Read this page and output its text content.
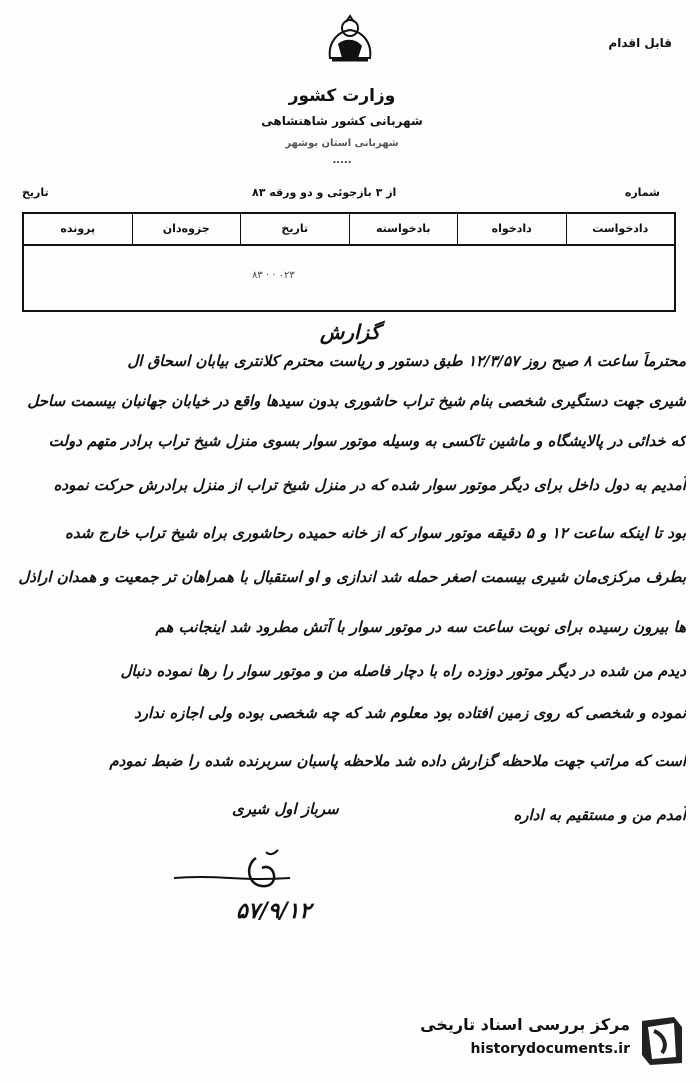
قابل اقدام
وزارت کشور
شهربانی کشور شاهنشاهی
شهربانی استان بوشهر
.....
شماره
از ۳ بازجوئی و دو ورقه ۸۳
تاریخ
دادخواست
دادخواه
بادخواسته
تاریخ
جزوه‌دان
پرونده
۸۳ · · ۰۲۳
گزارش
محترماً ساعت ۸ صبح روز ۱۲/۳/۵۷ طبق دستور و ریاست محترم کلانتری بیابان اسحاق ال
شیری جهت دستگیری شخصی بنام شیخ تراب حاشوری بدون سیدها واقع در خیابان جهانبان بیسمت ساحل
که خدائی در پالایشگاه و ماشین تاکسی به‌ وسیله موتور سوار بسوی منزل شیخ تراب برادر متهم دولت
آمدیم به دول داخل برای دیگر موتور سوار شده که در منزل شیخ تراب از منزل برادرش حرکت نموده
بود تا اینکه ساعت ۱۲ و ۵ دقیقه موتور سوار که از خانه حمیده رحاشوری براه شیخ تراب خارج شده
بطرف مرکزی‌مان شیری بیسمت اصغر حمله شد اندازی و او استقبال با همراهان تر جمعیت و همدان اراذل
ها بیرون رسیده برای نوبت ساعت سه در موتور سوار با آتش مطرود شد اینجانب هم
دیدم من شده در دیگر موتور دوزده راه با دچار فاصله من و موتور سوار را رها نموده دنبال
نموده و شخصی که روی زمین افتاده بود معلوم شد که چه شخصی بوده ولی اجازه ندارد
است که مراتب جهت ملاحظه گزارش داده‌ شد ملاحظه پاسبان سربرنده شده را ضبط نمودم
آمدم من و مستقیم به اداره
سرباز اول شیری
۵۷/۹/۱۲
مرکز بررسی اسناد تاریخی
historydocuments.ir
